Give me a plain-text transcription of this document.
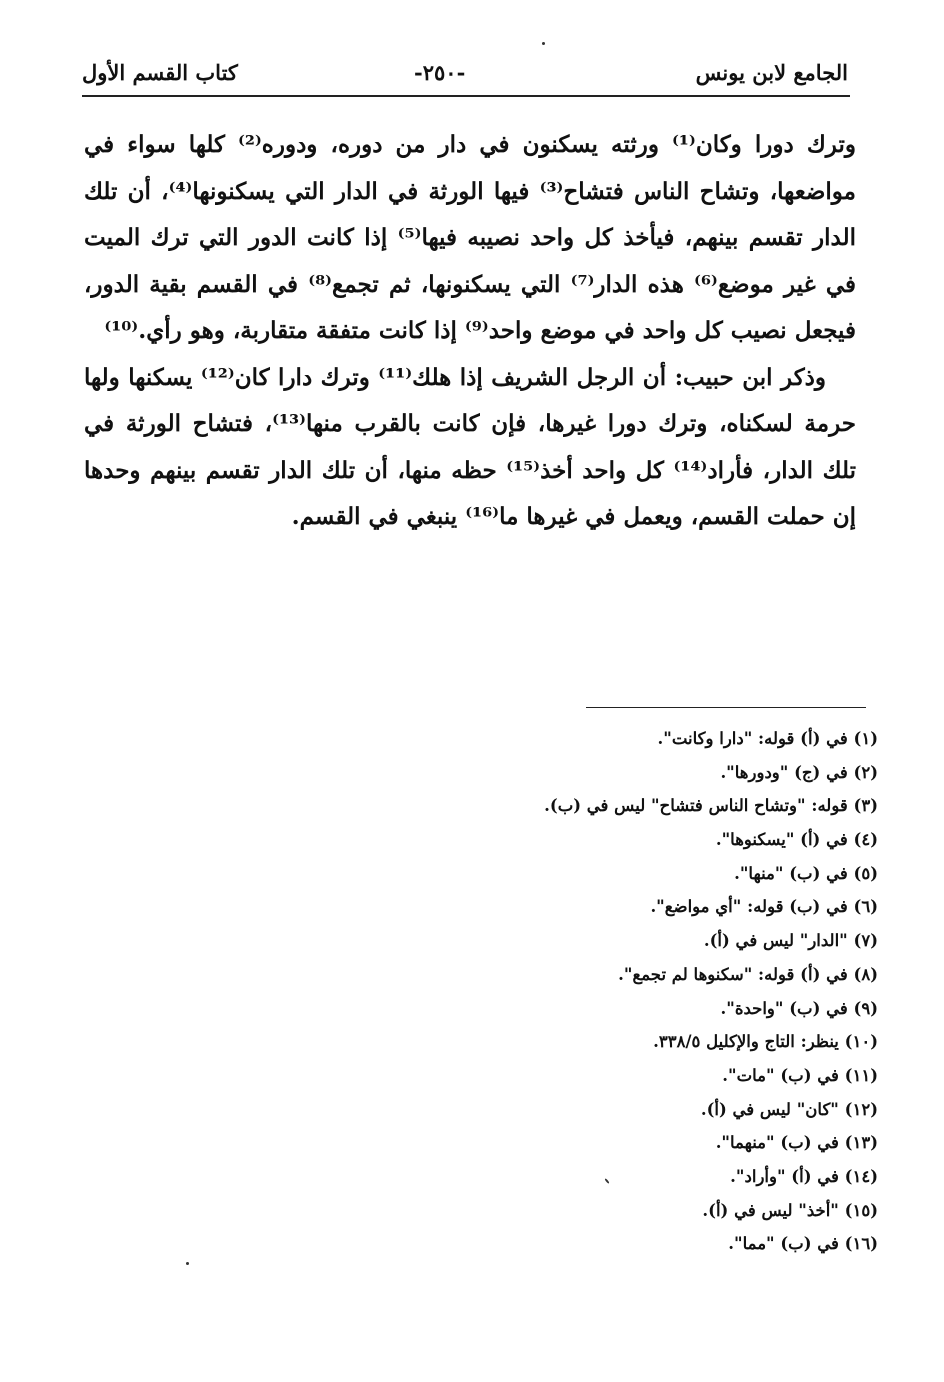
الجامع لابن يونس
-٢٥٠-
كتاب القسم الأول

وترك دورا وكان⁽¹⁾ ورثته يسكنون في دار من دوره، ودوره⁽²⁾ كلها سواء في مواضعها، وتشاح الناس فتشاح⁽³⁾ فيها الورثة في الدار التي يسكنونها⁽⁴⁾، أن تلك الدار تقسم بينهم، فيأخذ كل واحد نصيبه فيها⁽⁵⁾ إذا كانت الدور التي ترك الميت في غير موضع⁽⁶⁾ هذه الدار⁽⁷⁾ التي يسكنونها، ثم تجمع⁽⁸⁾ في القسم بقية الدور، فيجعل نصيب كل واحد في موضع واحد⁽⁹⁾ إذا كانت متفقة متقاربة، وهو رأي.⁽¹⁰⁾

وذكر ابن حبيب: أن الرجل الشريف إذا هلك⁽¹¹⁾ وترك دارا كان⁽¹²⁾ يسكنها ولها حرمة لسكناه، وترك دورا غيرها، فإن كانت بالقرب منها⁽¹³⁾، فتشاح الورثة في تلك الدار، فأراد⁽¹⁴⁾ كل واحد أخذ⁽¹⁵⁾ حظه منها، أن تلك الدار تقسم بينهم وحدها إن حملت القسم، ويعمل في غيرها ما⁽¹⁶⁾ ينبغي في القسم.

(١) في (أ) قوله: "دارا وكانت".
(٢) في (ج) "ودورها".
(٣) قوله: "وتشاح الناس فتشاح" ليس في (ب).
(٤) في (أ) "يسكنوها".
(٥) في (ب) "منها".
(٦) في (ب) قوله: "أي مواضع".
(٧) "الدار" ليس في (أ).
(٨) في (أ) قوله: "سكنوها لم تجمع".
(٩) في (ب) "واحدة".
(١٠) ينظر: التاج والإكليل ٣٣٨/٥.
(١١) في (ب) "مات".
(١٢) "كان" ليس في (أ).
(١٣) في (ب) "منهما".
(١٤) في (أ) "وأراد".
(١٥) "أخذ" ليس في (أ).
(١٦) في (ب) "مما".
